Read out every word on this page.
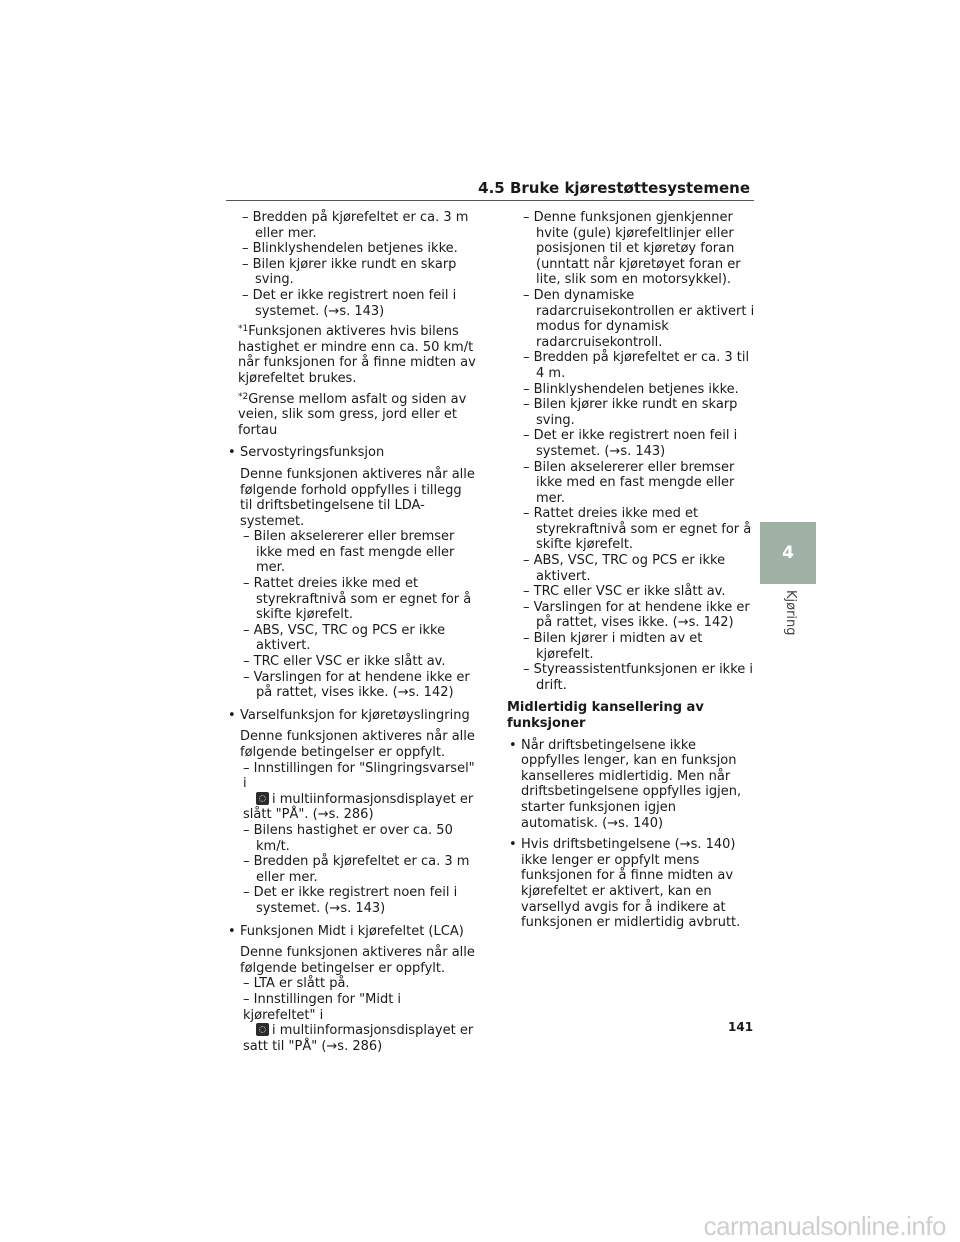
4.5 Bruke kjørestøttesystemene
– Bredden på kjørefeltet er ca. 3 m eller mer.
– Blinklyshendelen betjenes ikke.
– Bilen kjører ikke rundt en skarp sving.
– Det er ikke registrert noen feil i systemet. (→s. 143)
$^{*1}$Funksjonen aktiveres hvis bilens hastighet er mindre enn ca. 50 km/t når funksjonen for å finne midten av kjørefeltet brukes.
$^{*2}$Grense mellom asfalt og siden av veien, slik som gress, jord eller et fortau
• Servostyringsfunksjon
Denne funksjonen aktiveres når alle følgende forhold oppfylles i tillegg til driftsbetingelsene til LDA-systemet.
– Bilen akselererer eller bremser ikke med en fast mengde eller mer.
– Rattet dreies ikke med et styrekraftnivå som er egnet for å skifte kjørefelt.
– ABS, VSC, TRC og PCS er ikke aktivert.
– TRC eller VSC er ikke slått av.
– Varslingen for at hendene ikke er på rattet, vises ikke. (→s. 142)
• Varselfunksjon for kjøretøyslingring
Denne funksjonen aktiveres når alle følgende betingelser er oppfylt.
– Innstillingen for "Slingringsvarsel" i
i multiinformasjonsdisplayet er
slått "PÅ". (→s. 286)
– Bilens hastighet er over ca. 50 km/t.
– Bredden på kjørefeltet er ca. 3 m eller mer.
– Det er ikke registrert noen feil i systemet. (→s. 143)
• Funksjonen Midt i kjørefeltet (LCA)
Denne funksjonen aktiveres når alle følgende betingelser er oppfylt.
– LTA er slått på.
– Innstillingen for "Midt i kjørefeltet" i
i multiinformasjonsdisplayet er
satt til "PÅ" (→s. 286)
– Denne funksjonen gjenkjenner hvite (gule) kjørefeltlinjer eller posisjonen til et kjøretøy foran (unntatt når kjøretøyet foran er lite, slik som en motorsykkel).
– Den dynamiske radarcruisekontrollen er aktivert i modus for dynamisk radarcruisekontroll.
– Bredden på kjørefeltet er ca. 3 til 4 m.
– Blinklyshendelen betjenes ikke.
– Bilen kjører ikke rundt en skarp sving.
– Det er ikke registrert noen feil i systemet. (→s. 143)
– Bilen akselererer eller bremser ikke med en fast mengde eller mer.
– Rattet dreies ikke med et styrekraftnivå som er egnet for å skifte kjørefelt.
– ABS, VSC, TRC og PCS er ikke aktivert.
– TRC eller VSC er ikke slått av.
– Varslingen for at hendene ikke er på rattet, vises ikke. (→s. 142)
– Bilen kjører i midten av et kjørefelt.
– Styreassistentfunksjonen er ikke i drift.
Midlertidig kansellering av funksjoner
• Når driftsbetingelsene ikke oppfylles lenger, kan en funksjon kanselleres midlertidig. Men når driftsbetingelsene oppfylles igjen, starter funksjonen igjen automatisk. (→s. 140)
• Hvis driftsbetingelsene (→s. 140) ikke lenger er oppfylt mens funksjonen for å finne midten av kjørefeltet er aktivert, kan en varsellyd avgis for å indikere at funksjonen er midlertidig avbrutt.
4
Kjøring
141
carmanualsonline.info
